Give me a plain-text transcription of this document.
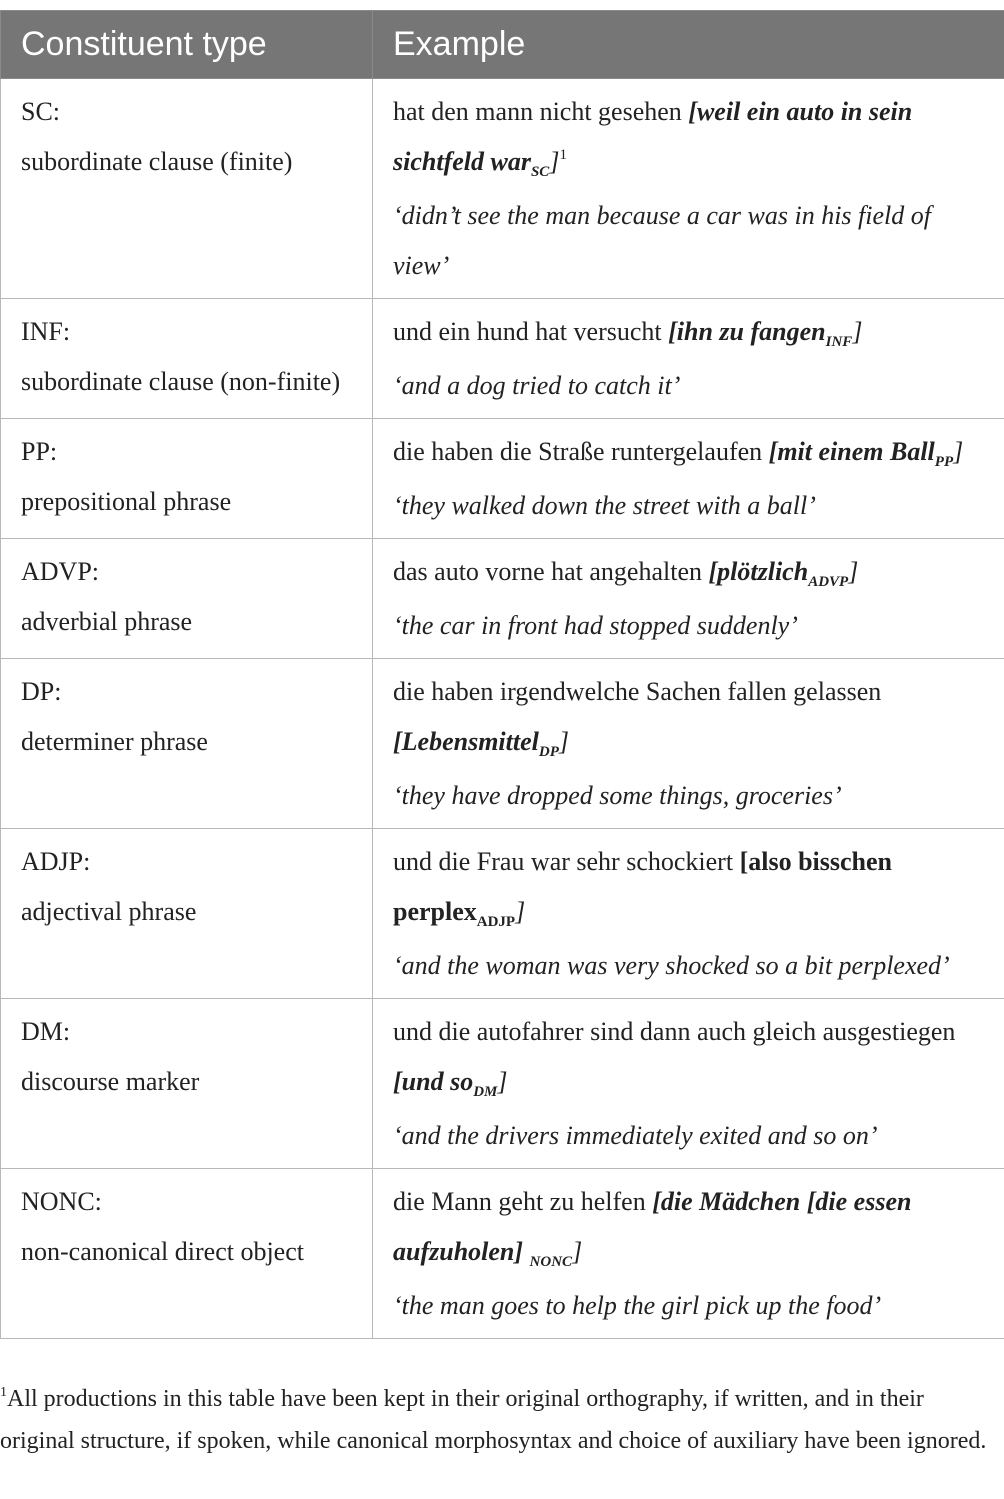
Constituent type	Example

SC:
subordinate clause (finite)	hat den mann nicht gesehen [weil ein auto in sein sichtfeld war$_{SC}$]$^1$
‘didn’t see the man because a car was in his field of view’

INF:
subordinate clause (non-finite)	und ein hund hat versucht [ihn zu fangen$_{INF}$]
‘and a dog tried to catch it’

PP:
prepositional phrase	die haben die Straße runtergelaufen [mit einem Ball$_{PP}$]
‘they walked down the street with a ball’

ADVP:
adverbial phrase	das auto vorne hat angehalten [plötzlich$_{ADVP}$]
‘the car in front had stopped suddenly’

DP:
determiner phrase	die haben irgendwelche Sachen fallen gelassen [Lebensmittel$_{DP}$]
‘they have dropped some things, groceries’

ADJP:
adjectival phrase	und die Frau war sehr schockiert [also bisschen perplex$_{ADJP}$]
‘and the woman was very shocked so a bit perplexed’

DM:
discourse marker	und die autofahrer sind dann auch gleich ausgestiegen [und $so_{DM}$]
‘and the drivers immediately exited and so on’

NONC:
non-canonical direct object	die Mann geht zu helfen [die Mädchen [die essen aufzuholen] $_{NONC}$]
‘the man goes to help the girl pick up the food’
$^1$All productions in this table have been kept in their original orthography, if written, and in their original structure, if spoken, while canonical morphosyntax and choice of auxiliary have been ignored.
